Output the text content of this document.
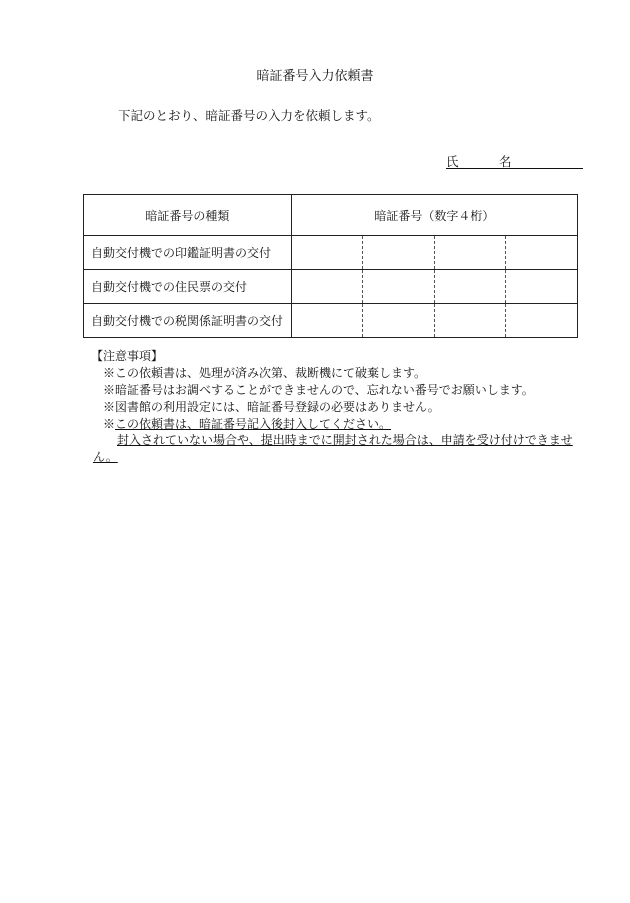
暗証番号入力依頼書
下記のとおり、暗証番号の入力を依頼します。
氏　名
暗証番号の種類	暗証番号（数字４桁）			
自動交付機での印鑑証明書の交付				
自動交付機での住民票の交付				
自動交付機での税関係証明書の交付				
【注意事項】
※この依頼書は、処理が済み次第、裁断機にて破棄します。
※暗証番号はお調べすることができませんので、忘れない番号でお願いします。
※図書館の利用設定には、暗証番号登録の必要はありません。
※この依頼書は、暗証番号記入後封入してください。
封入されていない場合や、提出時までに開封された場合は、申請を受け付けできません。
